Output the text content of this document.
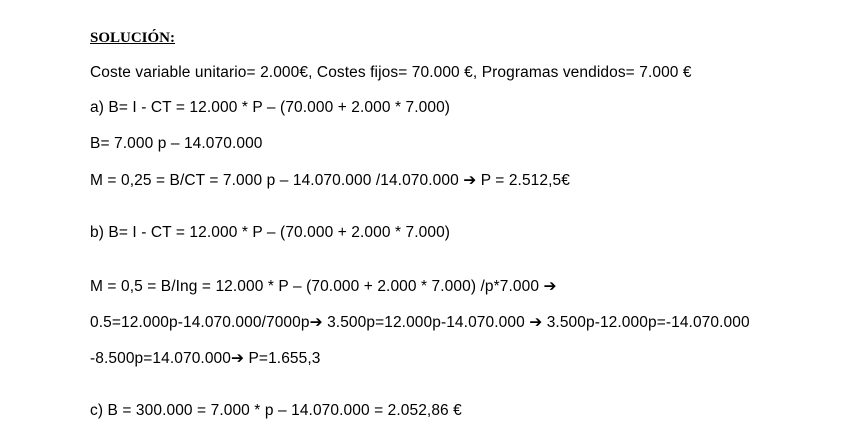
SOLUCIÓN:
Coste variable unitario= 2.000€, Costes fijos= 70.000 €, Programas vendidos= 7.000 €
a) B= I - CT = 12.000 * P – (70.000 + 2.000 * 7.000)
B= 7.000 p – 14.070.000
M = 0,25 = B/CT = 7.000 p – 14.070.000 /14.070.000 ➔ P = 2.512,5€
b) B= I - CT = 12.000 * P – (70.000 + 2.000 * 7.000)
M = 0,5 = B/Ing = 12.000 * P – (70.000 + 2.000 * 7.000) /p*7.000 ➔
0.5=12.000p-14.070.000/7000p➔ 3.500p=12.000p-14.070.000 ➔ 3.500p-12.000p=-14.070.000
-8.500p=14.070.000➔ P=1.655,3
c) B = 300.000 = 7.000 * p – 14.070.000 = 2.052,86 €
